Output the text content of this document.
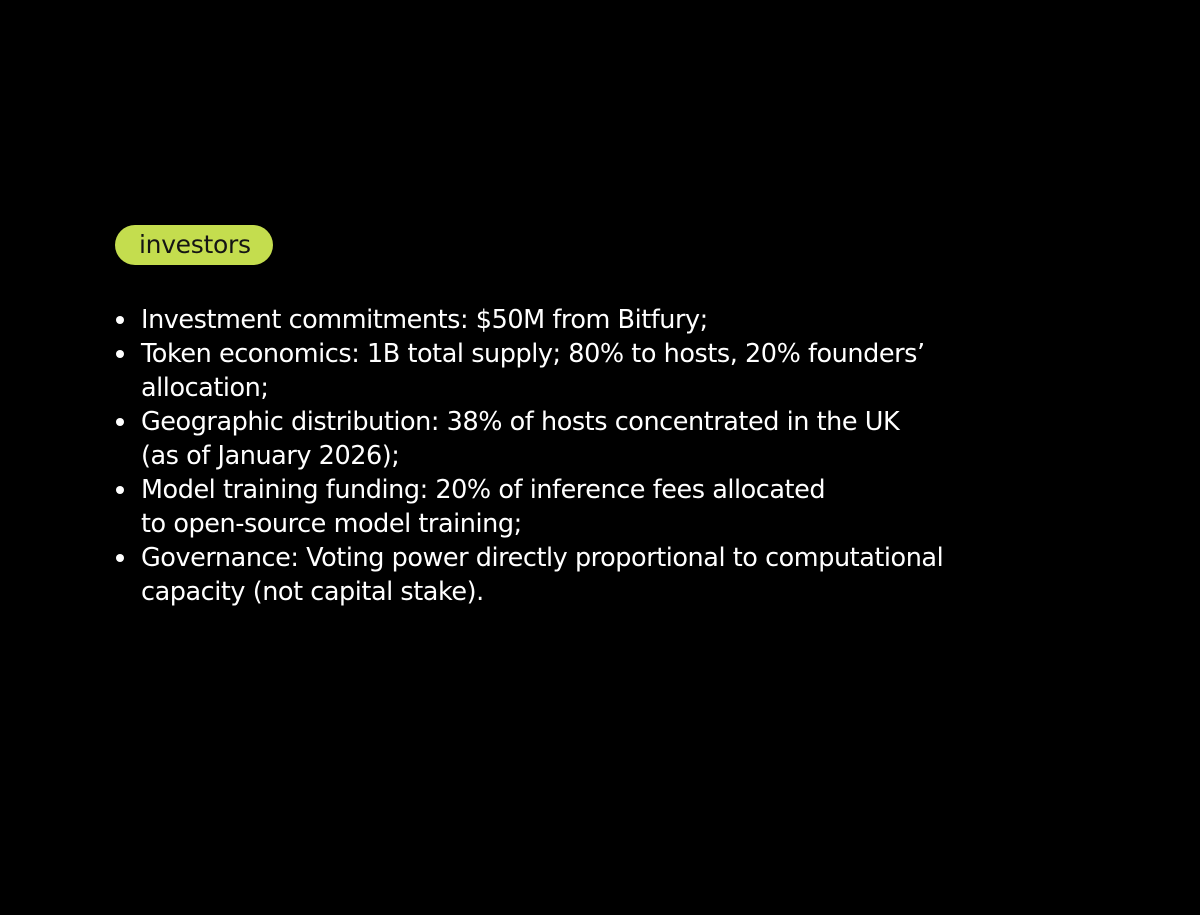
investors
Investment commitments: $50M from Bitfury;
Token economics: 1B total supply; 80% to hosts, 20% founders’
allocation;
Geographic distribution: 38% of hosts concentrated in the UK
(as of January 2026);
Model training funding: 20% of inference fees allocated
to open-source model training;
Governance: Voting power directly proportional to computational
capacity (not capital stake).
